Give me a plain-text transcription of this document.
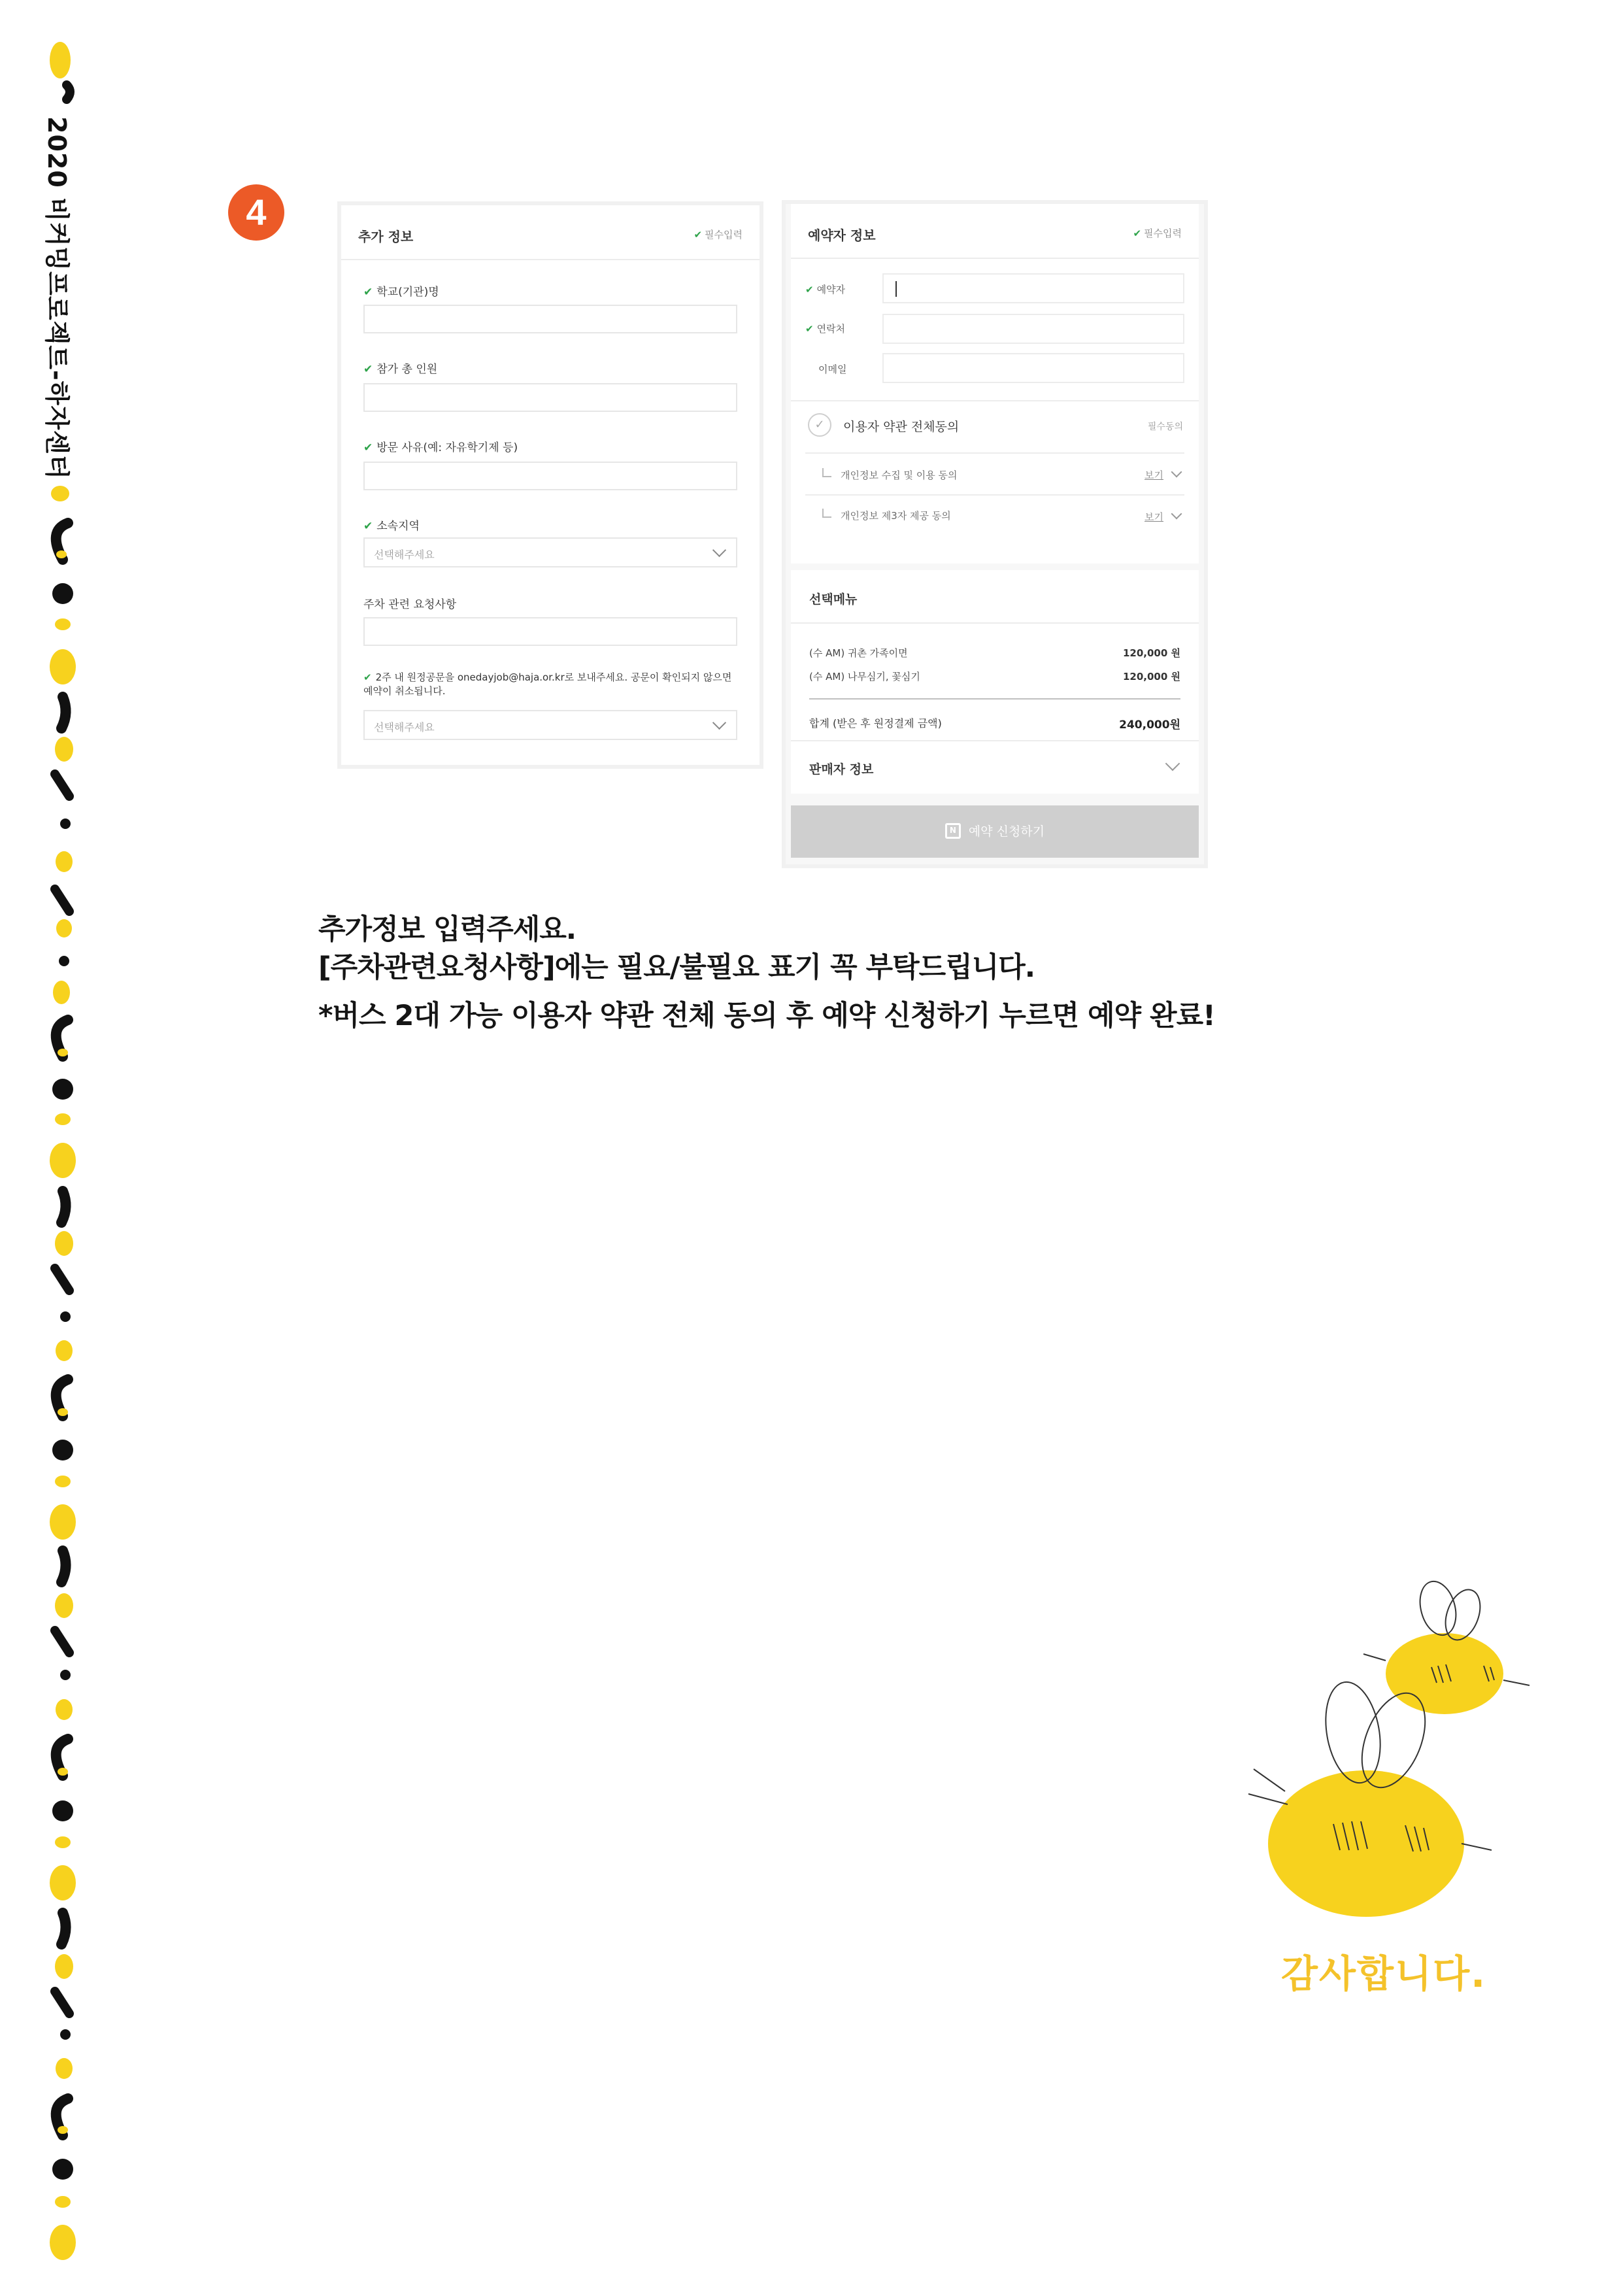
2020 비커밍프로젝트-하자센터	4
추가 정보	✔ 필수입력
✔ 학교(기관)명
✔ 참가 총 인원
✔ 방문 사유(예: 자유학기제 등)
✔ 소속지역
선택해주세요
주차 관련 요청사항
✔ 2주 내 원정공문을 onedayjob@haja.or.kr로 보내주세요. 공문이 확인되지 않으면 예약이 취소됩니다.
선택해주세요
예약자 정보	✔ 필수입력
✔ 예약자
✔ 연락처
이메일
✓	이용자 약관 전체동의	필수동의
개인정보 수집 및 이용 동의	보기
개인정보 제3자 제공 동의	보기
선택메뉴
(수 AM) 귀촌 가족이면	120,000 원
(수 AM) 나무심기, 꽃심기	120,000 원
합계 (받은 후 원정결제 금액)	240,000원
판매자 정보
N 예약 신청하기
추가정보 입력주세요.
[주차관련요청사항]에는 필요/불필요 표기 꼭 부탁드립니다.
*버스 2대 가능 이용자 약관 전체 동의 후 예약 신청하기 누르면 예약 완료!
감사합니다.
